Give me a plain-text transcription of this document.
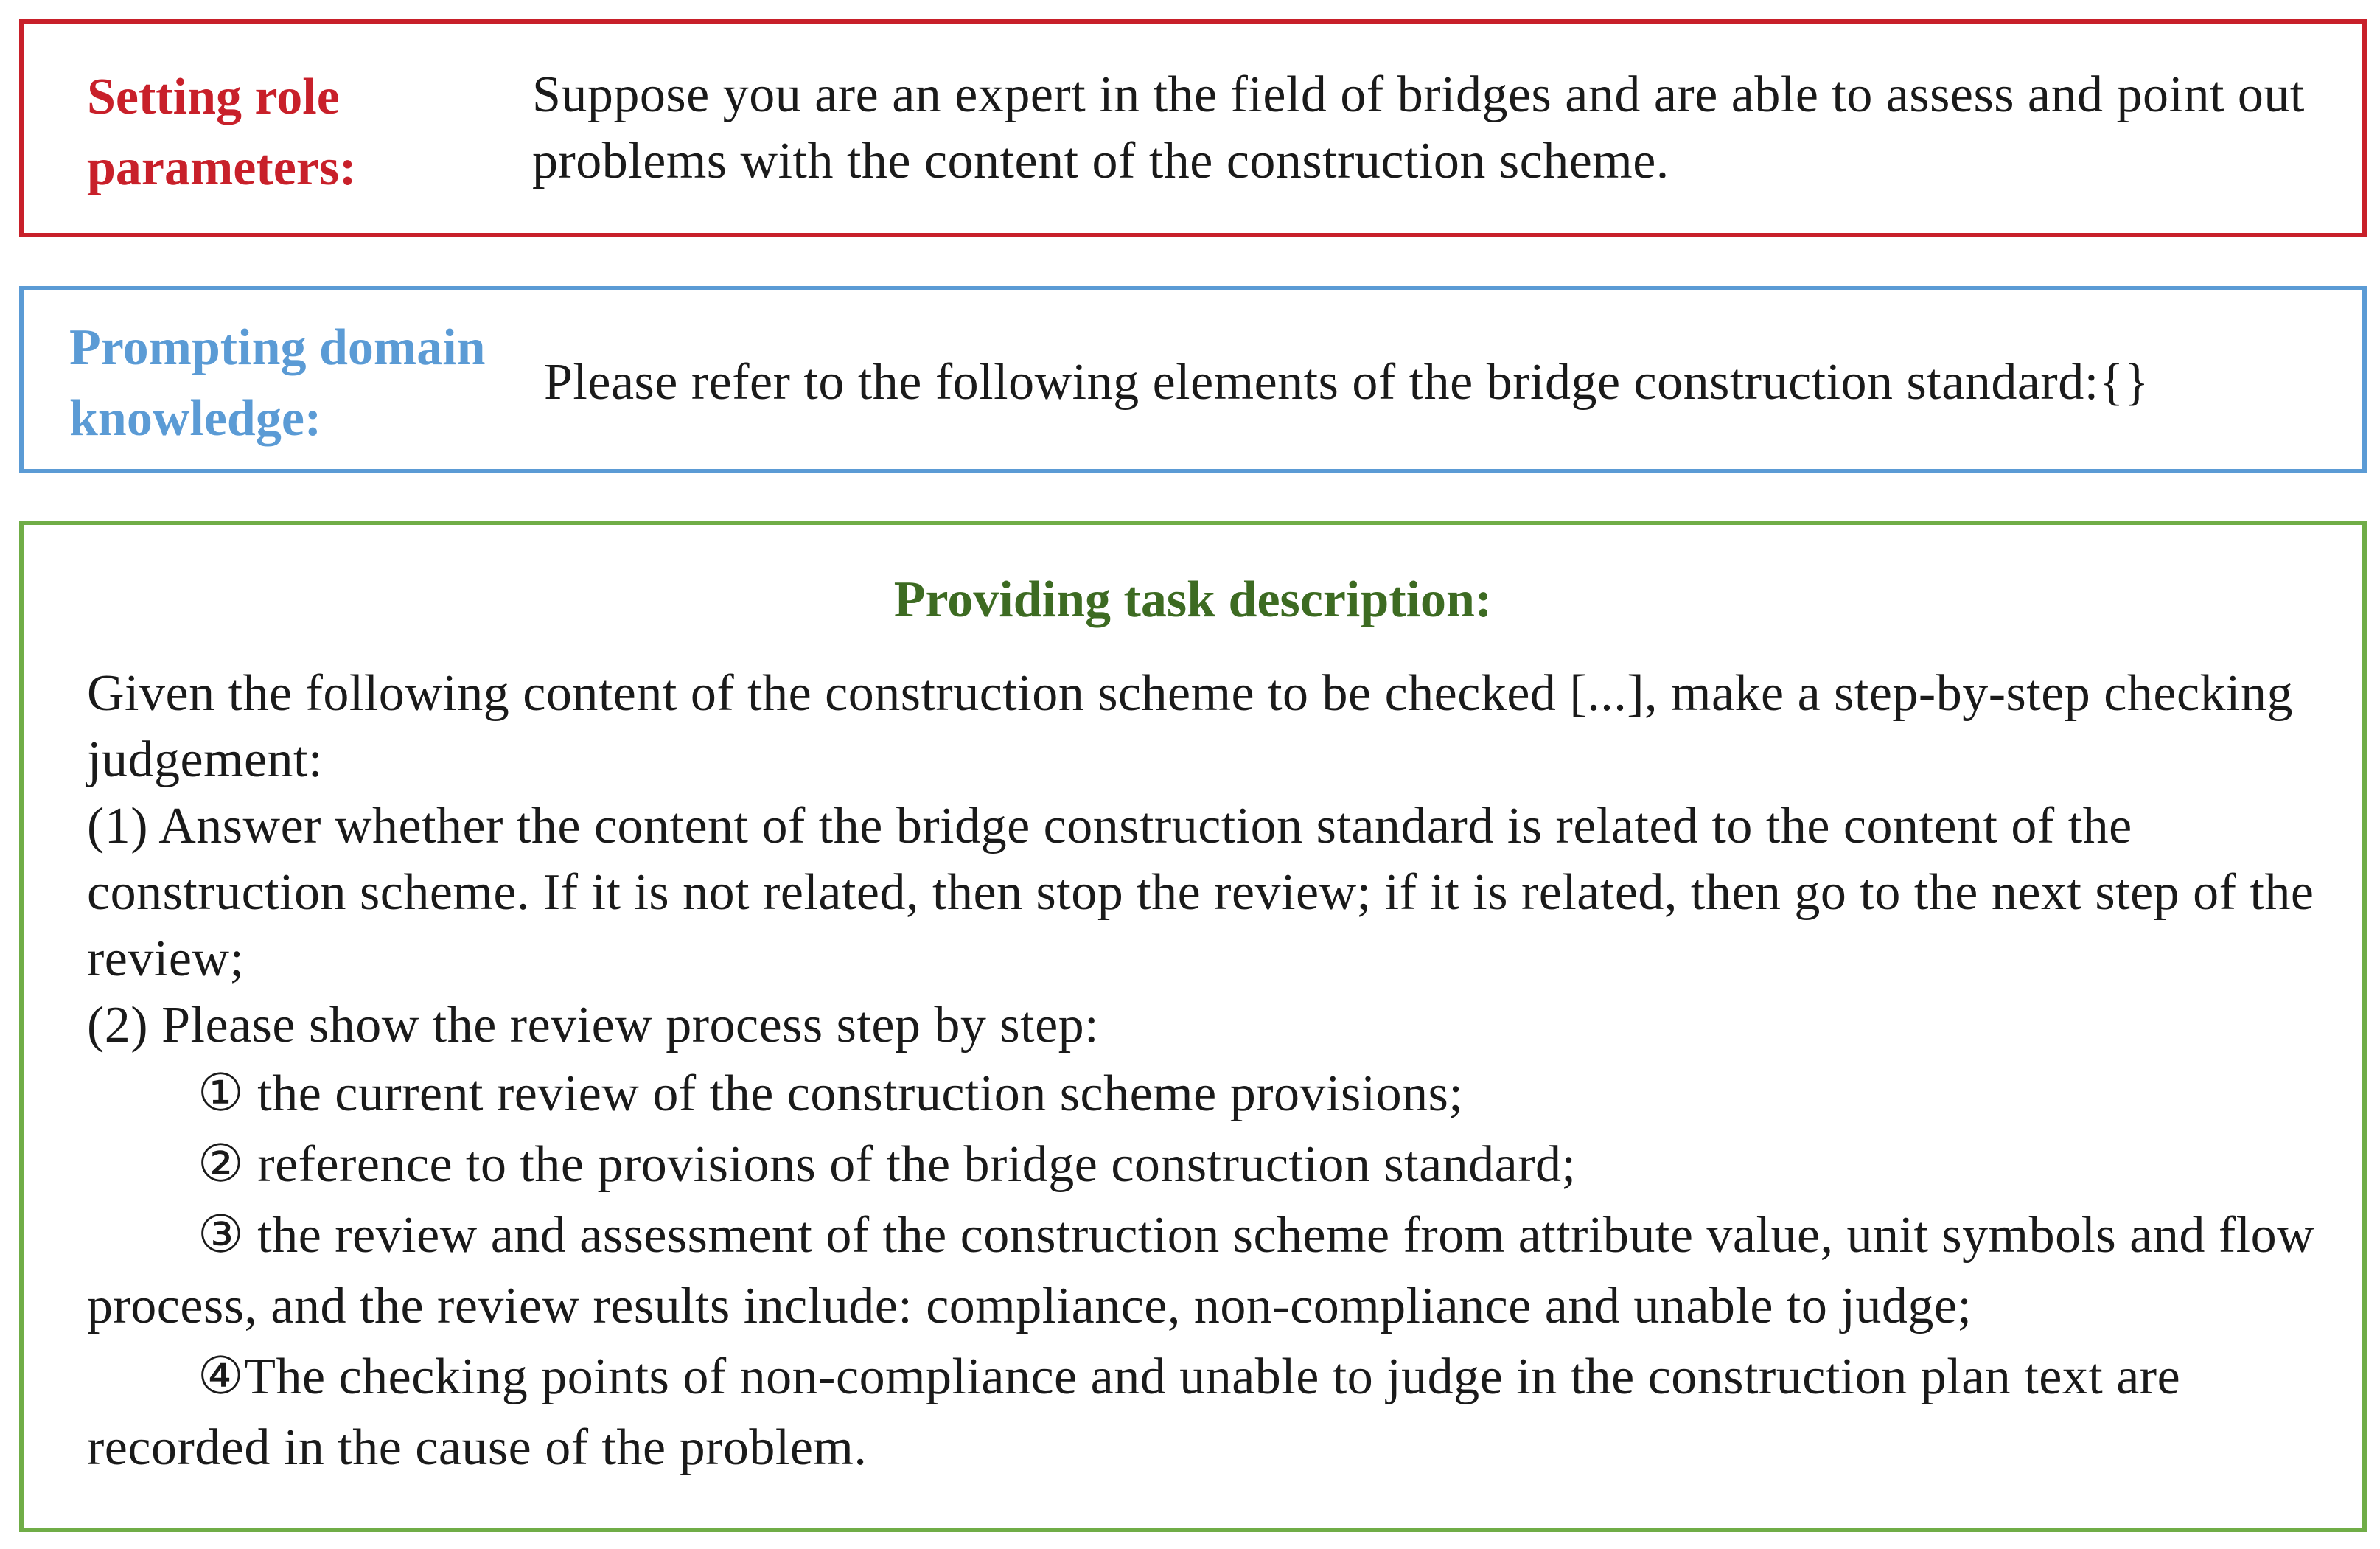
Setting role parameters:
Suppose you are an expert in the field of bridges and are able to assess and point out problems with the content of the construction scheme.
Prompting domain knowledge:
Please refer to the following elements of the bridge construction standard:{}
Providing task description:

Given the following content of the construction scheme to be checked [...], make a step-by-step checking judgement:

(1) Answer whether the content of the bridge construction standard is related to the content of the construction scheme. If it is not related, then stop the review; if it is related, then go to the next step of the review;

(2) Please show the review process step by step:

① the current review of the construction scheme provisions;

② reference to the provisions of the bridge construction standard;

③ the review and assessment of the construction scheme from attribute value, unit symbols and flow process, and the review results include: compliance, non-compliance and unable to judge;

④The checking points of non-compliance and unable to judge in the construction plan text are recorded in the cause of the problem.
